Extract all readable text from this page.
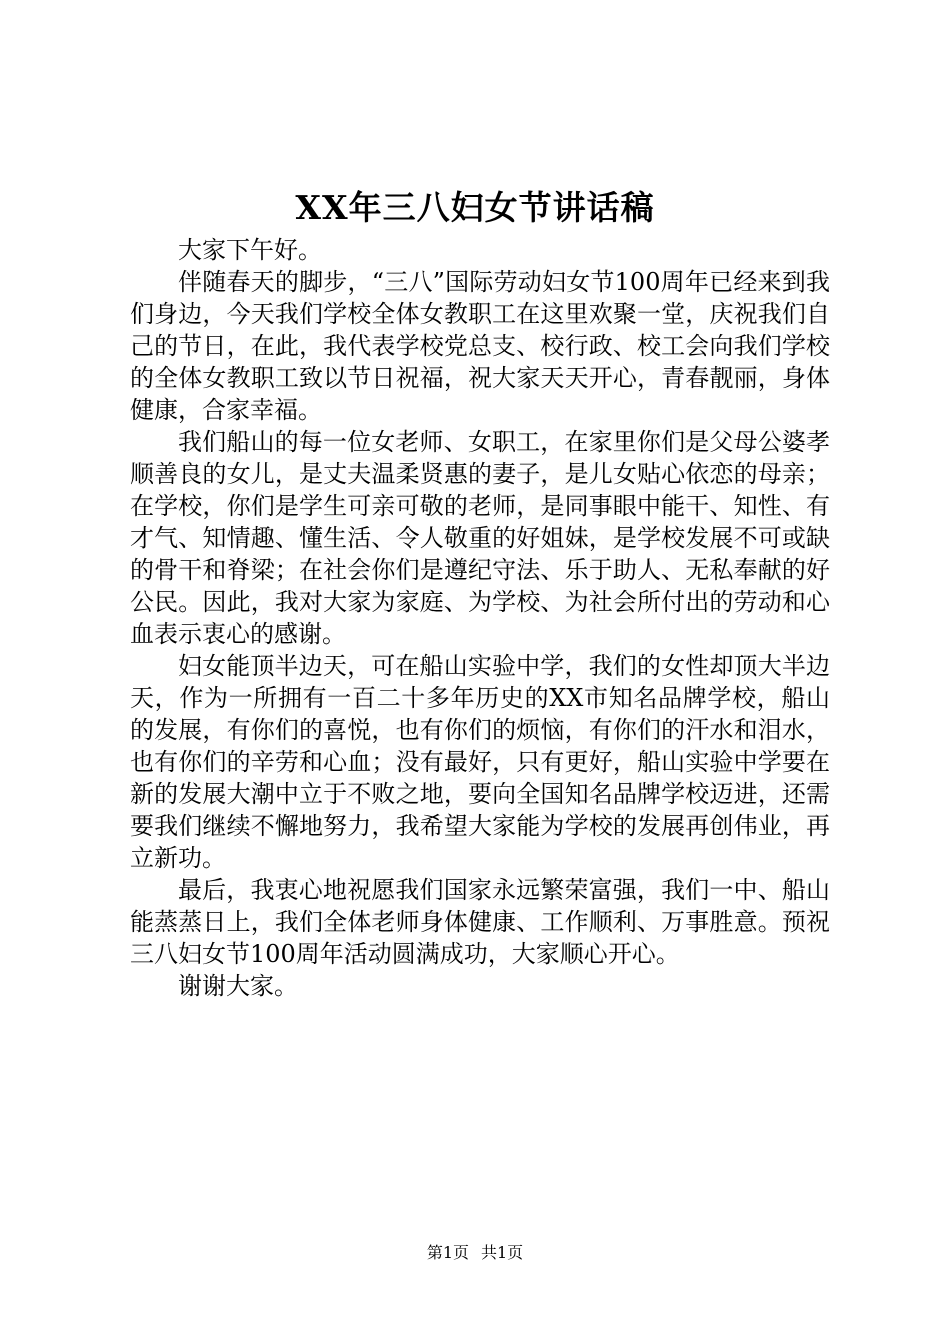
XX年三八妇女节讲话稿

大家下午好。

伴随春天的脚步，“三八”国际劳动妇女节100周年已经来到我们身边，今天我们学校全体女教职工在这里欢聚一堂，庆祝我们自己的节日，在此，我代表学校党总支、校行政、校工会向我们学校的全体女教职工致以节日祝福，祝大家天天开心，青春靓丽，身体健康，合家幸福。

我们船山的每一位女老师、女职工，在家里你们是父母公婆孝顺善良的女儿，是丈夫温柔贤惠的妻子，是儿女贴心依恋的母亲；在学校，你们是学生可亲可敬的老师，是同事眼中能干、知性、有才气、知情趣、懂生活、令人敬重的好姐妹，是学校发展不可或缺的骨干和脊梁；在社会你们是遵纪守法、乐于助人、无私奉献的好公民。因此，我对大家为家庭、为学校、为社会所付出的劳动和心血表示衷心的感谢。

妇女能顶半边天，可在船山实验中学，我们的女性却顶大半边天，作为一所拥有一百二十多年历史的XX市知名品牌学校，船山的发展，有你们的喜悦，也有你们的烦恼，有你们的汗水和泪水，也有你们的辛劳和心血；没有最好，只有更好，船山实验中学要在新的发展大潮中立于不败之地，要向全国知名品牌学校迈进，还需要我们继续不懈地努力，我希望大家能为学校的发展再创伟业，再立新功。

最后，我衷心地祝愿我们国家永远繁荣富强，我们一中、船山能蒸蒸日上，我们全体老师身体健康、工作顺利、万事胜意。预祝三八妇女节100周年活动圆满成功，大家顺心开心。

谢谢大家。

第1页 共1页
